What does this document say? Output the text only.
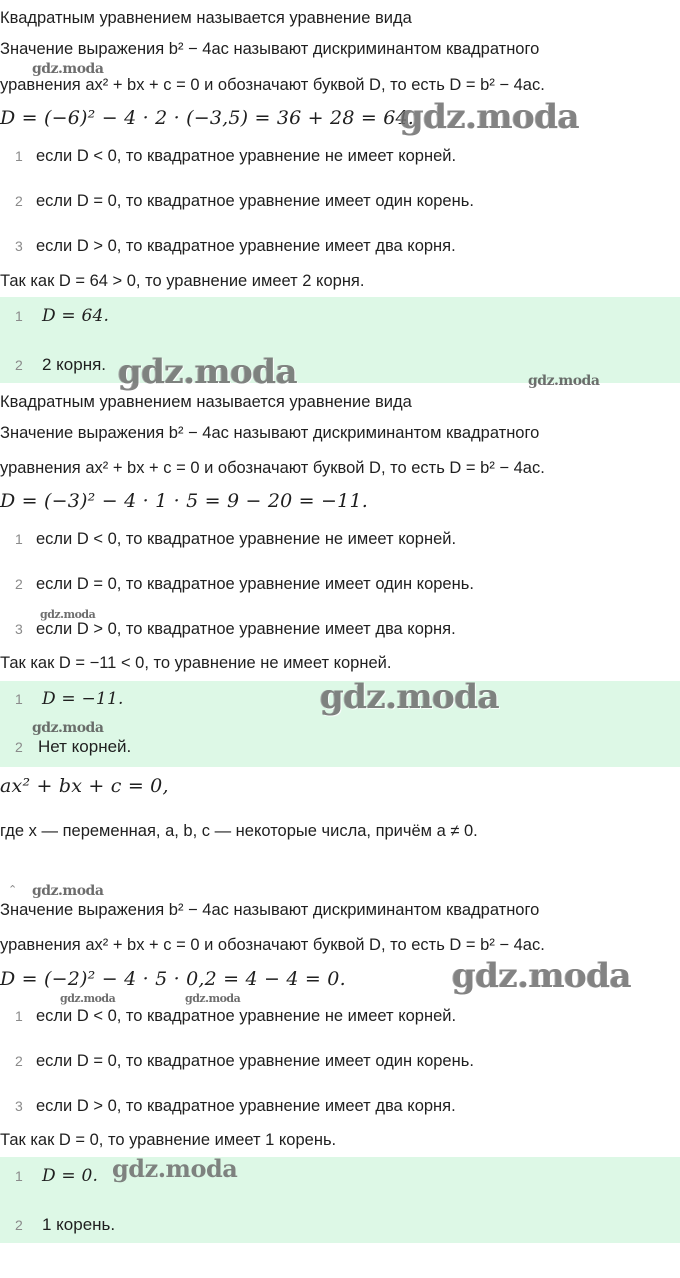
Квадратным уравнением называется уравнение вида
Значение выражения b² − 4ac называют дискриминантом квадратного
уравнения ax² + bx + c = 0 и обозначают буквой D, то есть D = b² − 4ac.
D = (−6)² − 4 · 2 · (−3,5) = 36 + 28 = 64.
1 если D < 0, то квадратное уравнение не имеет корней.
2 если D = 0, то квадратное уравнение имеет один корень.
3 если D > 0, то квадратное уравнение имеет два корня.
Так как D = 64 > 0, то уравнение имеет 2 корня.
1 D = 64.
2 2 корня.
Квадратным уравнением называется уравнение вида
Значение выражения b² − 4ac называют дискриминантом квадратного
уравнения ax² + bx + c = 0 и обозначают буквой D, то есть D = b² − 4ac.
D = (−3)² − 4 · 1 · 5 = 9 − 20 = −11.
1 если D < 0, то квадратное уравнение не имеет корней.
2 если D = 0, то квадратное уравнение имеет один корень.
3 если D > 0, то квадратное уравнение имеет два корня.
Так как D = −11 < 0, то уравнение не имеет корней.
1 D = −11.
2 Нет корней.
ax² + bx + c = 0,
где x — переменная, a, b, c — некоторые числа, причём a ≠ 0.
⌃
Значение выражения b² − 4ac называют дискриминантом квадратного
уравнения ax² + bx + c = 0 и обозначают буквой D, то есть D = b² − 4ac.
D = (−2)² − 4 · 5 · 0,2 = 4 − 4 = 0.
1 если D < 0, то квадратное уравнение не имеет корней.
2 если D = 0, то квадратное уравнение имеет один корень.
3 если D > 0, то квадратное уравнение имеет два корня.
Так как D = 0, то уравнение имеет 1 корень.
1 D = 0.
2 1 корень.
gdz.moda
gdz.moda
gdz.moda	gdz.moda
gdz.moda
gdz.moda
gdz.moda
gdz.moda
gdz.moda
gdz.moda	gdz.moda
gdz.moda
